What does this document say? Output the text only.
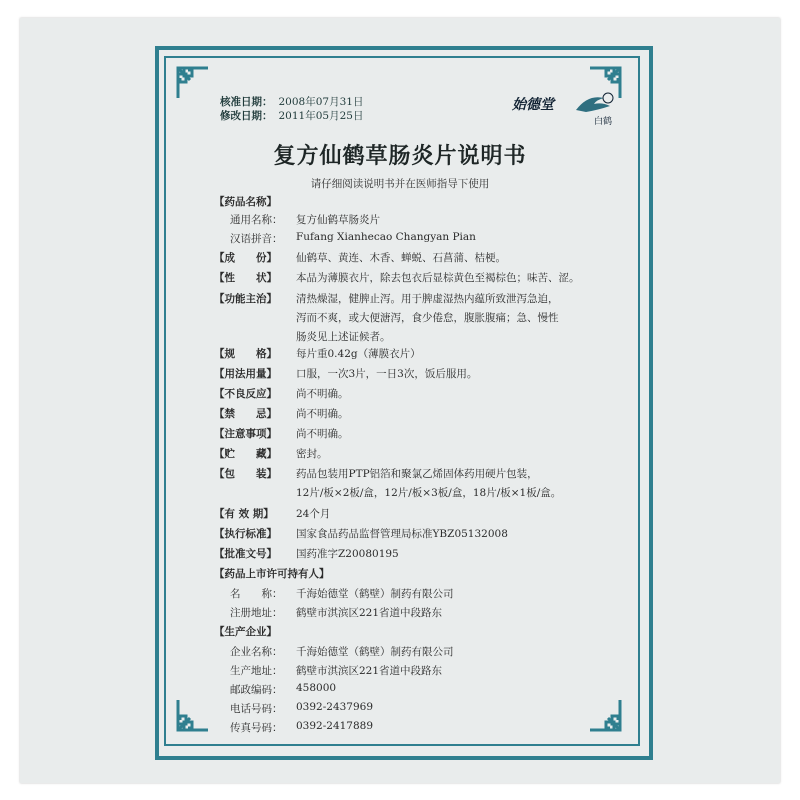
核准日期： 2008年07月31日
修改日期： 2011年05月25日
始德堂
白鹤
复方仙鹤草肠炎片说明书
请仔细阅读说明书并在医师指导下使用
【药品名称】
通用名称： 复方仙鹤草肠炎片
汉语拼音： Fufang Xianhecao Changyan Pian
【成　　份】 仙鹤草、黄连、木香、蝉蜕、石菖蒲、桔梗。
【性　　状】 本品为薄膜衣片，除去包衣后显棕黄色至褐棕色；味苦、涩。
【功能主治】 清热燥湿，健脾止泻。用于脾虚湿热内蕴所致泄泻急迫，
泻而不爽，或大便溏泻，食少倦怠，腹胀腹痛；急、慢性
肠炎见上述证候者。
【规　　格】 每片重0.42g（薄膜衣片）
【用法用量】 口服，一次3片，一日3次，饭后服用。
【不良反应】 尚不明确。
【禁　　忌】 尚不明确。
【注意事项】 尚不明确。
【贮　　藏】 密封。
【包　　装】 药品包装用PTP铝箔和聚氯乙烯固体药用硬片包装，
12片/板×2板/盒，12片/板×3板/盒，18片/板×1板/盒。
【有 效 期】 24个月
【执行标准】 国家食品药品监督管理局标准YBZ05132008
【批准文号】 国药准字Z20080195
【药品上市许可持有人】
名　　称： 千海始德堂（鹤壁）制药有限公司
注册地址： 鹤壁市淇滨区221省道中段路东
【生产企业】
企业名称： 千海始德堂（鹤壁）制药有限公司
生产地址： 鹤壁市淇滨区221省道中段路东
邮政编码： 458000
电话号码： 0392-2437969
传真号码： 0392-2417889
